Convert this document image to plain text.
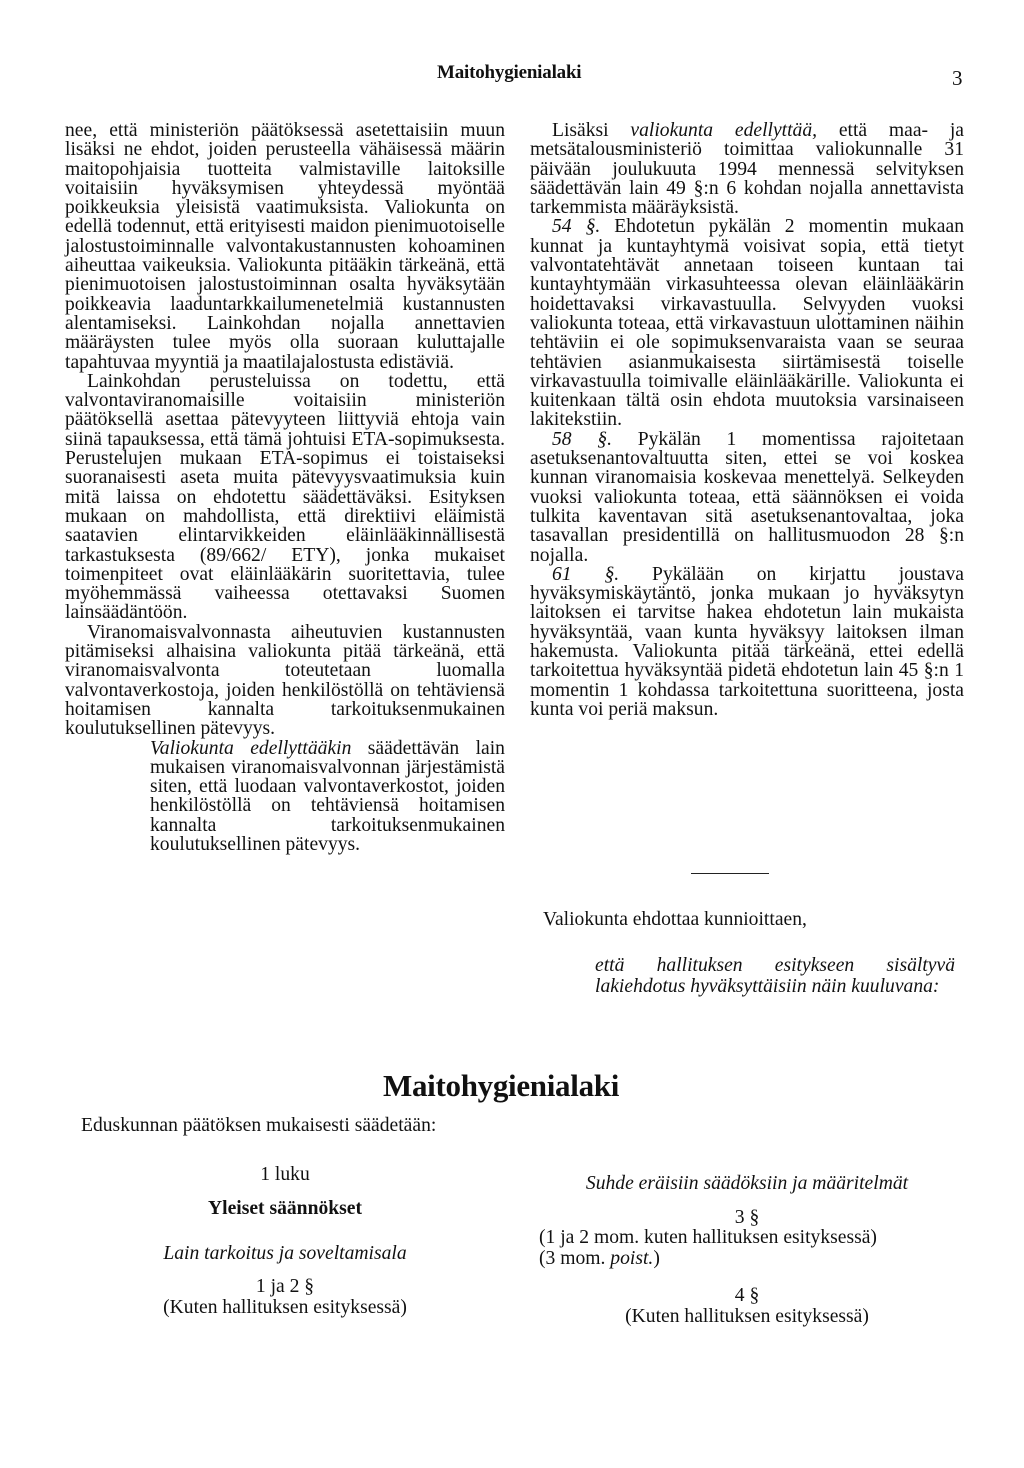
Maitohygienialaki	3

nee, että ministeriön päätöksessä asetettaisiin muun lisäksi ne ehdot, joiden perusteella vähäisessä määrin maitopohjaisia tuotteita valmistaville laitoksille voitaisiin hyväksymisen yhteydessä myöntää poikkeuksia yleisistä vaatimuksista. Valiokunta on edellä todennut, että erityisesti maidon pienimuotoiselle jalostustoiminnalle valvontakustannusten kohoaminen aiheuttaa vaikeuksia. Valiokunta pitääkin tärkeänä, että pienimuotoisen jalostustoiminnan osalta hyväksytään poikkeavia laaduntarkkailumenetelmiä kustannusten alentamiseksi. Lainkohdan nojalla annettavien määräysten tulee myös olla suoraan kuluttajalle tapahtuvaa myyntiä ja maatilajalostusta edistäviä.

Lainkohdan perusteluissa on todettu, että valvontaviranomaisille voitaisiin ministeriön päätöksellä asettaa pätevyyteen liittyviä ehtoja vain siinä tapauksessa, että tämä johtuisi ETA-sopimuksesta. Perustelujen mukaan ETA-sopimus ei toistaiseksi suoranaisesti aseta muita pätevyysvaatimuksia kuin mitä laissa on ehdotettu säädettäväksi. Esityksen mukaan on mahdollista, että direktiivi eläimistä saatavien elintarvikkeiden eläinlääkinnällisestä tarkastuksesta (89/662/ ETY), jonka mukaiset toimenpiteet ovat eläinlääkärin suoritettavia, tulee myöhemmässä vaiheessa otettavaksi Suomen lainsäädäntöön.

Viranomaisvalvonnasta aiheutuvien kustannusten pitämiseksi alhaisina valiokunta pitää tärkeänä, että viranomaisvalvonta toteutetaan luomalla valvontaverkostoja, joiden henkilöstöllä on tehtäviensä hoitamisen kannalta tarkoituksenmukainen koulutuksellinen pätevyys.

Valiokunta edellyttääkin säädettävän lain mukaisen viranomaisvalvonnan järjestämistä siten, että luodaan valvontaverkostot, joiden henkilöstöllä on tehtäviensä hoitamisen kannalta tarkoituksenmukainen koulutuksellinen pätevyys.

Lisäksi valiokunta edellyttää, että maa- ja metsätalousministeriö toimittaa valiokunnalle 31 päivään joulukuuta 1994 mennessä selvityksen säädettävän lain 49 §:n 6 kohdan nojalla annettavista tarkemmista määräyksistä.

54 §. Ehdotetun pykälän 2 momentin mukaan kunnat ja kuntayhtymä voisivat sopia, että tietyt valvontatehtävät annetaan toiseen kuntaan tai kuntayhtymään virkasuhteessa olevan eläinlääkärin hoidettavaksi virkavastuulla. Selvyyden vuoksi valiokunta toteaa, että virkavastuun ulottaminen näihin tehtäviin ei ole sopimuksenvaraista vaan se seuraa tehtävien asianmukaisesta siirtämisestä toiselle virkavastuulla toimivalle eläinlääkärille. Valiokunta ei kuitenkaan tältä osin ehdota muutoksia varsinaiseen lakitekstiin.

58 §. Pykälän 1 momentissa rajoitetaan asetuksenantovaltuutta siten, ettei se voi koskea kunnan viranomaisia koskevaa menettelyä. Selkeyden vuoksi valiokunta toteaa, että säännöksen ei voida tulkita kaventavan sitä asetuksenantovaltaa, joka tasavallan presidentillä on hallitusmuodon 28 §:n nojalla.

61 §. Pykälään on kirjattu joustava hyväksymiskäytäntö, jonka mukaan jo hyväksytyn laitoksen ei tarvitse hakea ehdotetun lain mukaista hyväksyntää, vaan kunta hyväksyy laitoksen ilman hakemusta. Valiokunta pitää tärkeänä, ettei edellä tarkoitettua hyväksyntää pidetä ehdotetun lain 45 §:n 1 momentin 1 kohdassa tarkoitettuna suoritteena, josta kunta voi periä maksun.

Valiokunta ehdottaa kunnioittaen,
että hallituksen esitykseen sisältyvä lakiehdotus hyväksyttäisiin näin kuuluvana:
Maitohygienialaki
Eduskunnan päätöksen mukaisesti säädetään:
1 luku
Yleiset säännökset
Lain tarkoitus ja soveltamisala
1 ja 2 §
(Kuten hallituksen esityksessä)
Suhde eräisiin säädöksiin ja määritelmät
3 §
(1 ja 2 mom. kuten hallituksen esityksessä)
(3 mom. poist.)
4 §
(Kuten hallituksen esityksessä)
